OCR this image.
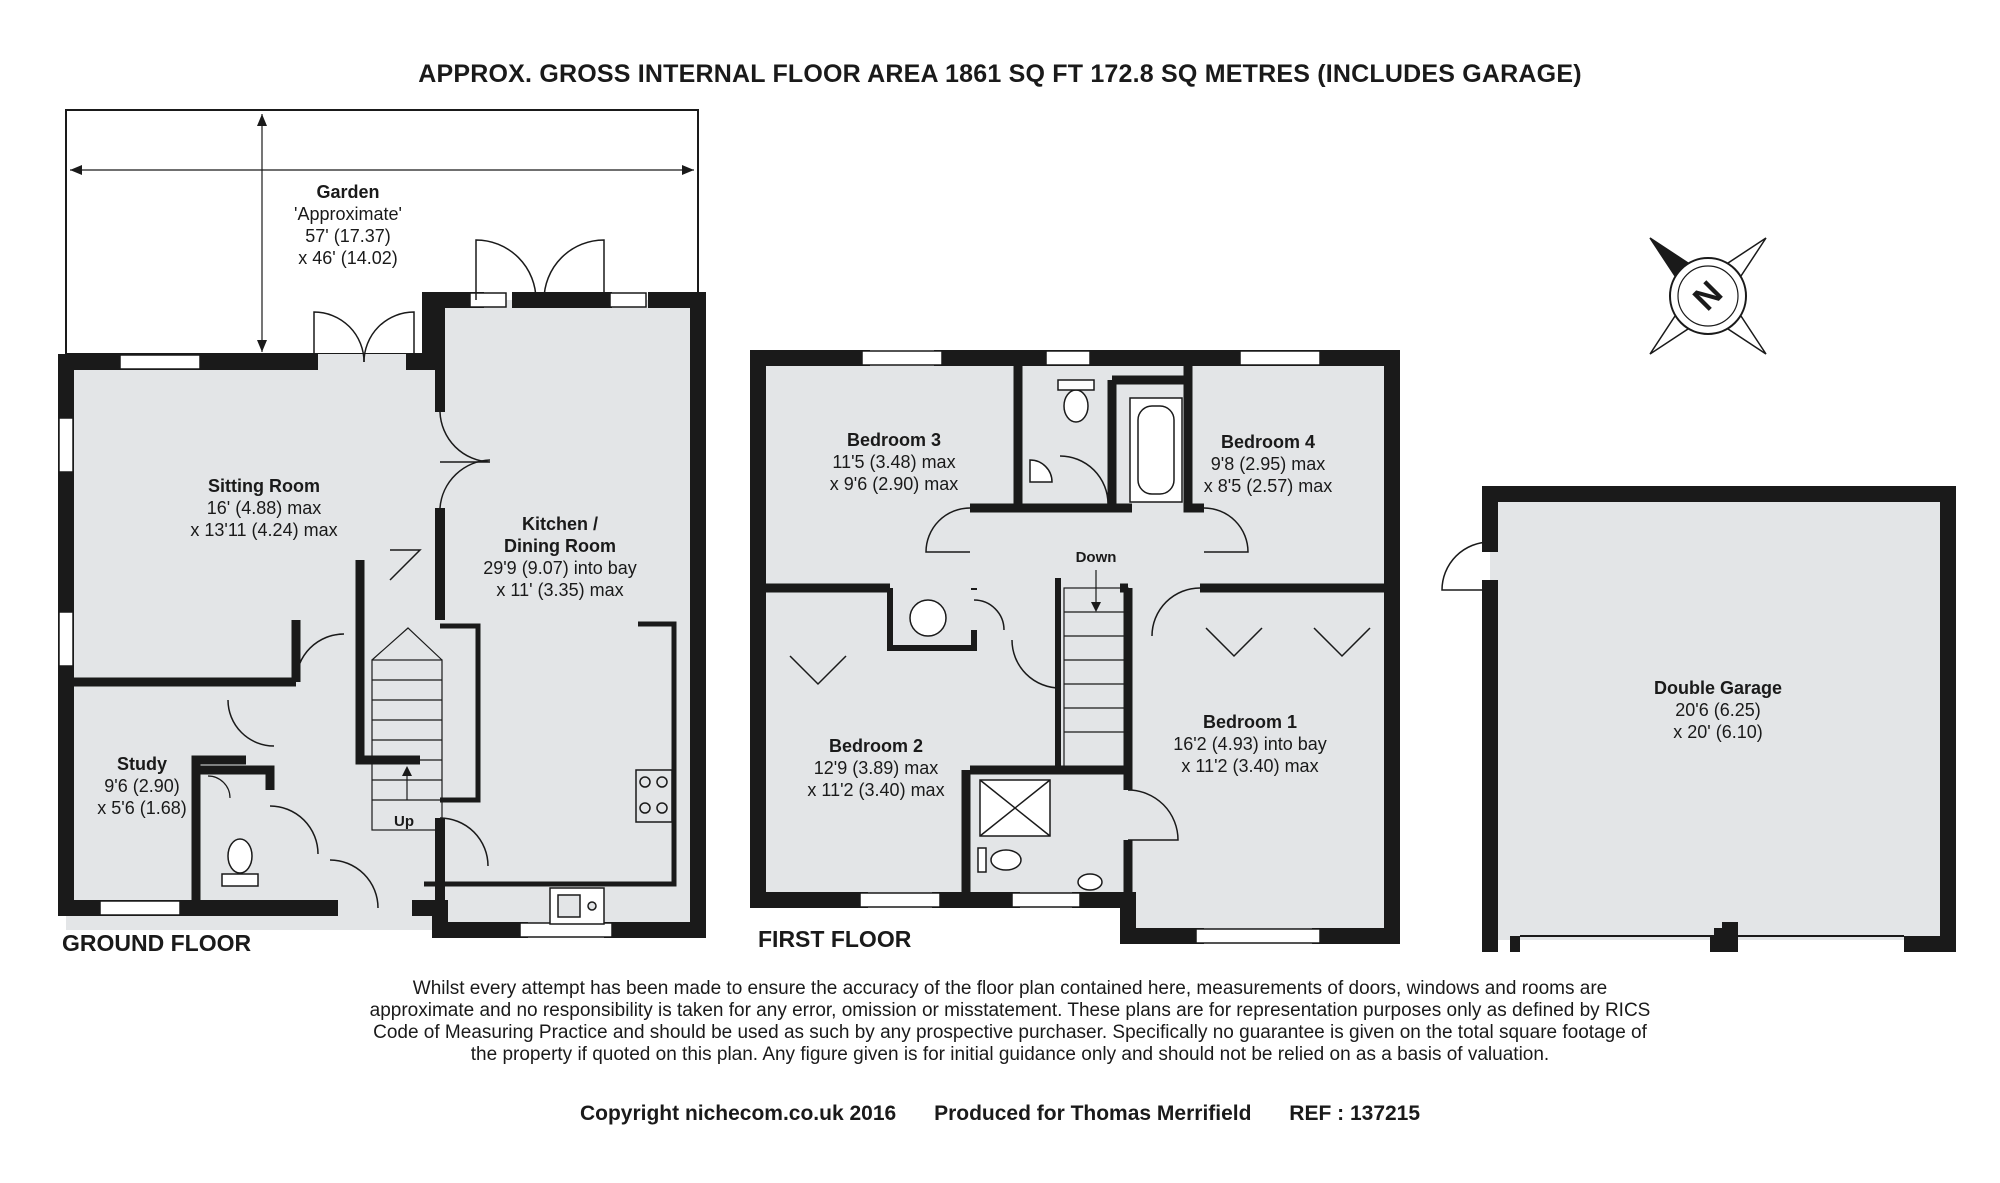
APPROX. GROSS INTERNAL FLOOR AREA 1861 SQ FT 172.8 SQ METRES (INCLUDES GARAGE)
Garden
'Approximate'
57' (17.37)
x 46' (14.02)
Sitting Room
16' (4.88) max
x 13'11 (4.24) max	Kitchen /
Dining Room
29'9 (9.07) into bay
x 11' (3.35) max
Study
9'6 (2.90)
x 5'6 (1.68)
Up
Down
Bedroom 3
11'5 (3.48) max
x 9'6 (2.90) max
Bedroom 4
9'8 (2.95) max
x 8'5 (2.57) max
Bedroom 2
12'9 (3.89) max
x 11'2 (3.40) max
Bedroom 1
16'2 (4.93) into bay
x 11'2 (3.40) max
Double Garage
20'6 (6.25)
x 20' (6.10)
N
GROUND FLOOR	FIRST FLOOR
Whilst every attempt has been made to ensure the accuracy of the floor plan contained here, measurements of doors, windows and rooms are approximate and no responsibility is taken for any error, omission or misstatement. These plans are for representation purposes only as defined by RICS Code of Measuring Practice and should be used as such by any prospective purchaser. Specifically no guarantee is given on the total square footage of the property if quoted on this plan. Any figure given is for initial guidance only and should not be relied on as a basis of valuation.
Copyright nichecom.co.uk 2016 Produced for Thomas Merrifield REF : 137215
